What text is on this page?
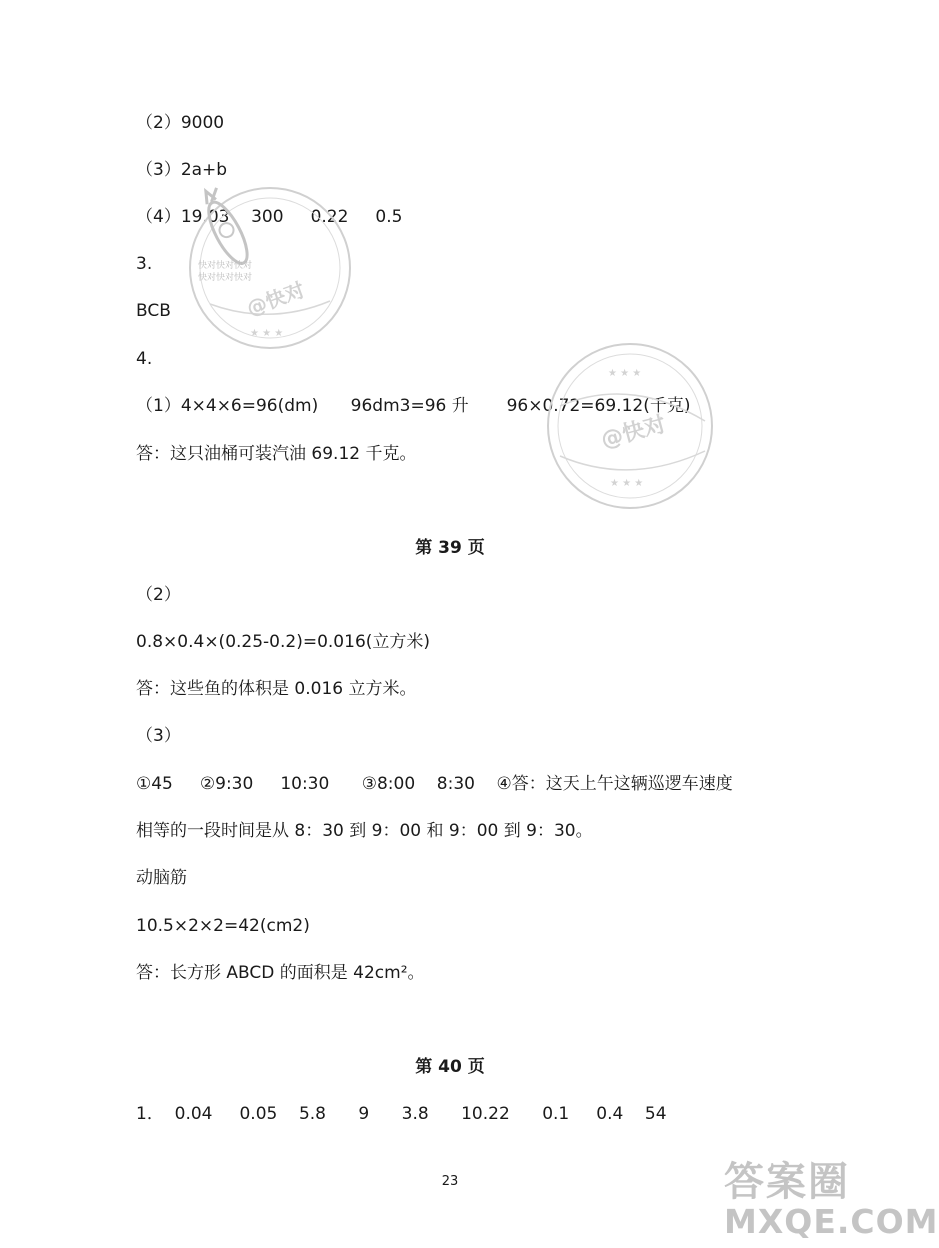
（2）9000
（3）2a+b
（4）19.03    300     0.22     0.5
3.
BCB
4.
（1）4×4×6=96(dm)      96dm3=96 升       96×0.72=69.12(千克)
答：这只油桶可装汽油 69.12 千克。
第 39 页
（2）
0.8×0.4×(0.25-0.2)=0.016(立方米)
答：这些鱼的体积是 0.016 立方米。
（3）
①45     ②9:30     10:30      ③8:00    8:30    ④答：这天上午这辆巡逻车速度
相等的一段时间是从 8：30 到 9：00 和 9：00 到 9：30。
动脑筋
10.5×2×2=42(cm2)
答：长方形 ABCD 的面积是 42cm²。
第 40 页
1．  0.04     0.05    5.8      9      3.8      10.22      0.1     0.4    54
23
★ ★ ★
快对快对快对
快对快对快对
@快对
★ ★ ★
★ ★ ★
@快对
答案圈
MXQE.COM
